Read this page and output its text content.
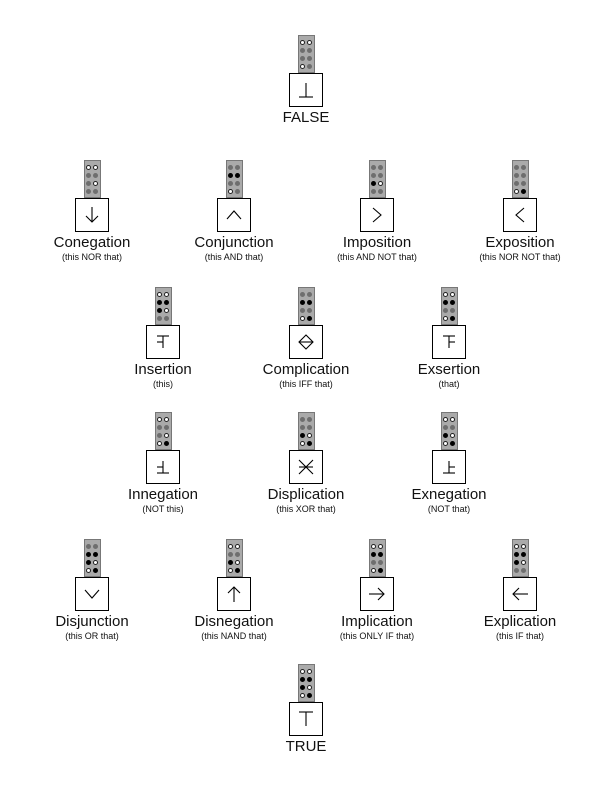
FALSE
Conegation
(this NOR that)
Conjunction
(this AND that)
Imposition
(this AND NOT that)
Exposition
(this NOR NOT that)
Insertion
(this)
Complication
(this IFF that)
Exsertion
(that)
Innegation
(NOT this)
Displication
(this XOR that)
Exnegation
(NOT that)
Disjunction
(this OR that)
Disnegation
(this NAND that)
Implication
(this ONLY IF that)
Explication
(this IF that)
TRUE
